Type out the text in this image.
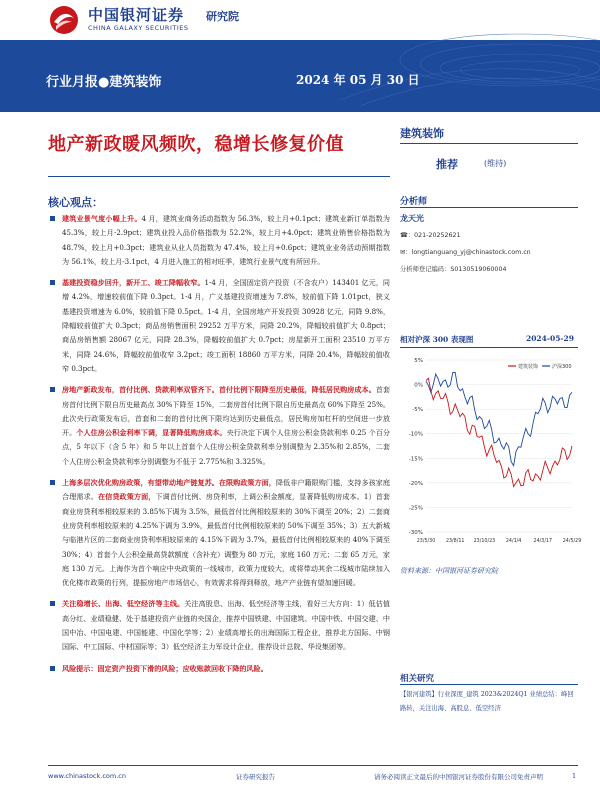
中国银河证券
CHINA GALAXY SECURITIES
研究院
行业月报●建筑装饰	2024 年 05 月 30 日
地产新政暖风频吹，稳增长修复价值
建筑装饰
推荐	(维持)
核心观点：
建筑业景气度小幅上升。4 月，建筑业商务活动指数为 56.3%，较上月+0.1pct；建筑业新订单指数为 45.3%，较上月-2.9pct；建筑业投入品价格指数为 52.2%，较上月+4.0pct；建筑业销售价格指数为 48.7%，较上月+0.3pct；建筑业从业人员指数为 47.4%，较上月+0.6pct；建筑业业务活动预期指数为 56.1%，较上月-3.1pct，4 月进入施工的相对旺季，建筑行业景气度有所回升。
基建投资稳步回升，新开工、竣工降幅收窄。1-4 月，全国固定资产投资（不含农户）143401 亿元，同增 4.2%，增速较前值下降 0.3pct。1-4 月，广义基建投资增速为 7.8%，较前值下降 1.01pct，狭义基建投资增速为 6.0%，较前值下降 0.5pct。1-4 月，全国房地产开发投资 30928 亿元，同降 9.8%，降幅较前值扩大 0.3pct；商品房销售面积 29252 万平方米，同降 20.2%，降幅较前值扩大 0.8pct；商品房销售额 28067 亿元，同降 28.3%，降幅较前值扩大 0.7pct；房屋新开工面积 23510 万平方米，同降 24.6%，降幅较前值收窄 3.2pct；竣工面积 18860 万平方米，同降 20.4%，降幅较前值收窄 0.3pct。
房地产新政发布，首付比例、贷款利率双管齐下。首付比例下限降至历史最低，降低居民购房成本。首套房首付比例下限自历史最高点 30%下降至 15%，二套房首付比例下限自历史最高点 60%下降至 25%。此次央行政策发布后，首套和二套的首付比例下限均达到历史最低点，居民购房加杠杆的空间进一步放开。个人住房公积金利率下调，显著降低购房成本。央行决定下调个人住房公积金贷款利率 0.25 个百分点，5 年以下（含 5 年）和 5 年以上首套个人住房公积金贷款利率分别调整为 2.35%和 2.85%，二套个人住房公积金贷款利率分别调整为不低于 2.775%和 3.325%。
上海多层次优化购房政策，有望带动地产链复苏。在限购政策方面，降低非户籍限购门槛，支持多孩家庭合理需求。在信贷政策方面，下调首付比例、房贷利率，上调公积金额度，显著降低购房成本。1）首套商业房贷利率相较原来的 3.85%下调为 3.5%，最低首付比例相较原来的 30%下调至 20%；2）二套商业房贷利率相较原来的 4.25%下调为 3.9%，最低首付比例相较原来的 50%下调至 35%；3）五大新城与临港片区的二套商业房贷利率相较原来的 4.15%下调为 3.7%，最低首付比例相较原来的 40%下调至 30%；4）首套个人公积金最高贷款额度（含补充）调整为 80 万元，家庭 160 万元；二套 65 万元，家庭 130 万元。上海作为首个响应中央政策的一线城市，政策力度较大，或将带动其余二线城市陆续加入优化楼市政策的行列，提振房地产市场信心，有效需求将得到释放，地产产业链有望加速回暖。
关注稳增长、出海、低空经济等主线。关注高股息、出海、低空经济等主线，看好三大方向：1）低估值高分红、业绩稳健、处于基建投资产业链的央国企，推荐中国铁建、中国建筑、中国中铁、中国交建、中国中冶、中国电建、中国能建、中国化学等；2）业绩高增长的出海国际工程企业，推荐北方国际、中钢国际、中工国际、中材国际等；3）低空经济主力军设计企业，推荐设计总院、华设集团等。
风险提示：固定资产投资下滑的风险；应收账款回收下降的风险。
分析师
龙天光
☎：021-20252621
✉：longtianguang_yj@chinastock.com.cn
分析师登记编码：S0130519060004
相对沪深 300 表现图	2024-05-29
5%
0%
-5%
-10%
-15%
-20%
-25%
-30%
23/5/30 23/8/11 23/10/23 24/1/4	24/3/17 24/5/29
建筑装饰	沪深300
资料来源：中国银河证券研究院
相关研究
【银河建筑】行业深度_建筑 2023&2024Q1 业绩总结：峰回路转，关注出海、高股息、低空经济
www.chinastock.com.cn	证券研究报告	请务必阅读正文最后的中国银河证券股份有限公司免责声明	1
